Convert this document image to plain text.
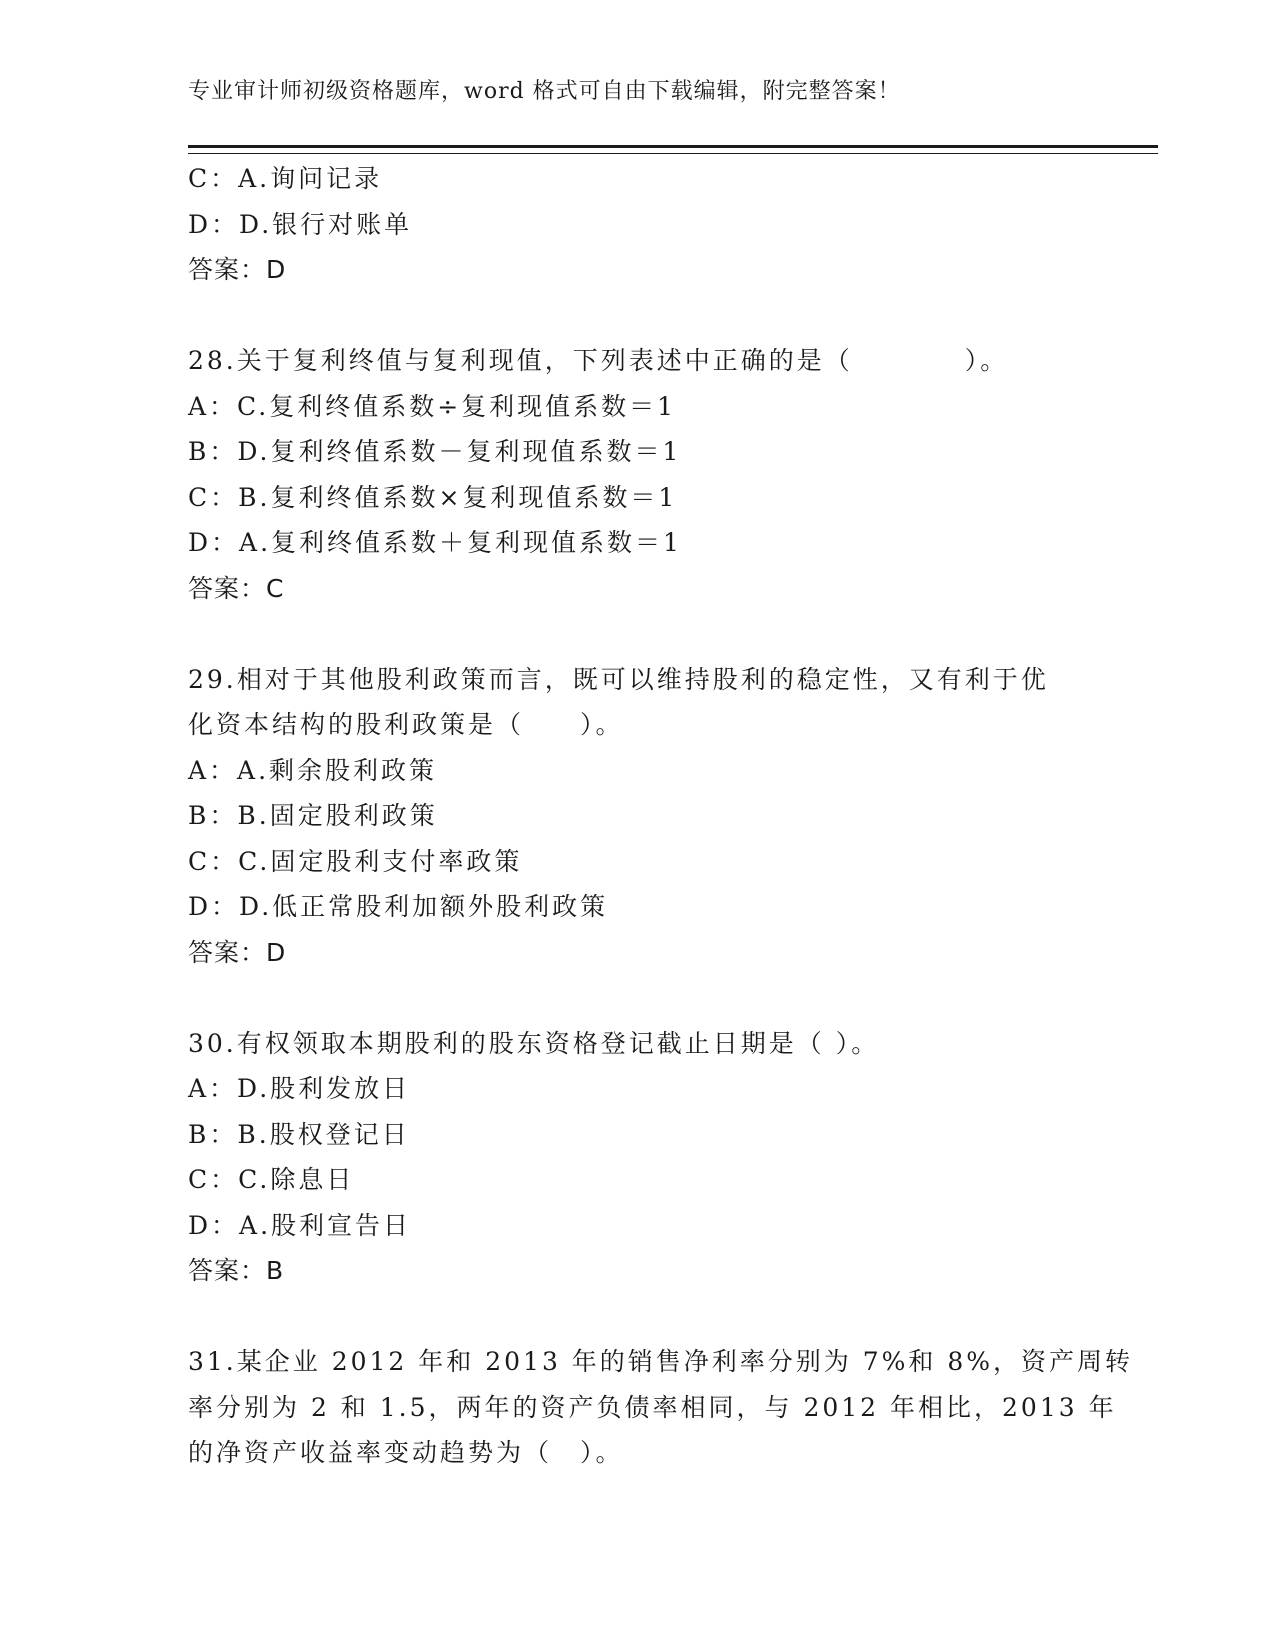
专业审计师初级资格题库，word 格式可自由下载编辑，附完整答案！
C：A.询问记录
D：D.银行对账单
答案：D
28.关于复利终值与复利现值，下列表述中正确的是（　　　　）。
A：C.复利终值系数÷复利现值系数＝1
B：D.复利终值系数－复利现值系数＝1
C：B.复利终值系数×复利现值系数＝1
D：A.复利终值系数＋复利现值系数＝1
答案：C
29.相对于其他股利政策而言，既可以维持股利的稳定性，又有利于优
化资本结构的股利政策是（　　）。
A：A.剩余股利政策
B：B.固定股利政策
C：C.固定股利支付率政策
D：D.低正常股利加额外股利政策
答案：D
30.有权领取本期股利的股东资格登记截止日期是（ ）。
A：D.股利发放日
B：B.股权登记日
C：C.除息日
D：A.股利宣告日
答案：B
31.某企业 2012 年和 2013 年的销售净利率分别为 7%和 8%，资产周转
率分别为 2 和 1.5，两年的资产负债率相同，与 2012 年相比，2013 年
的净资产收益率变动趋势为（　）。
